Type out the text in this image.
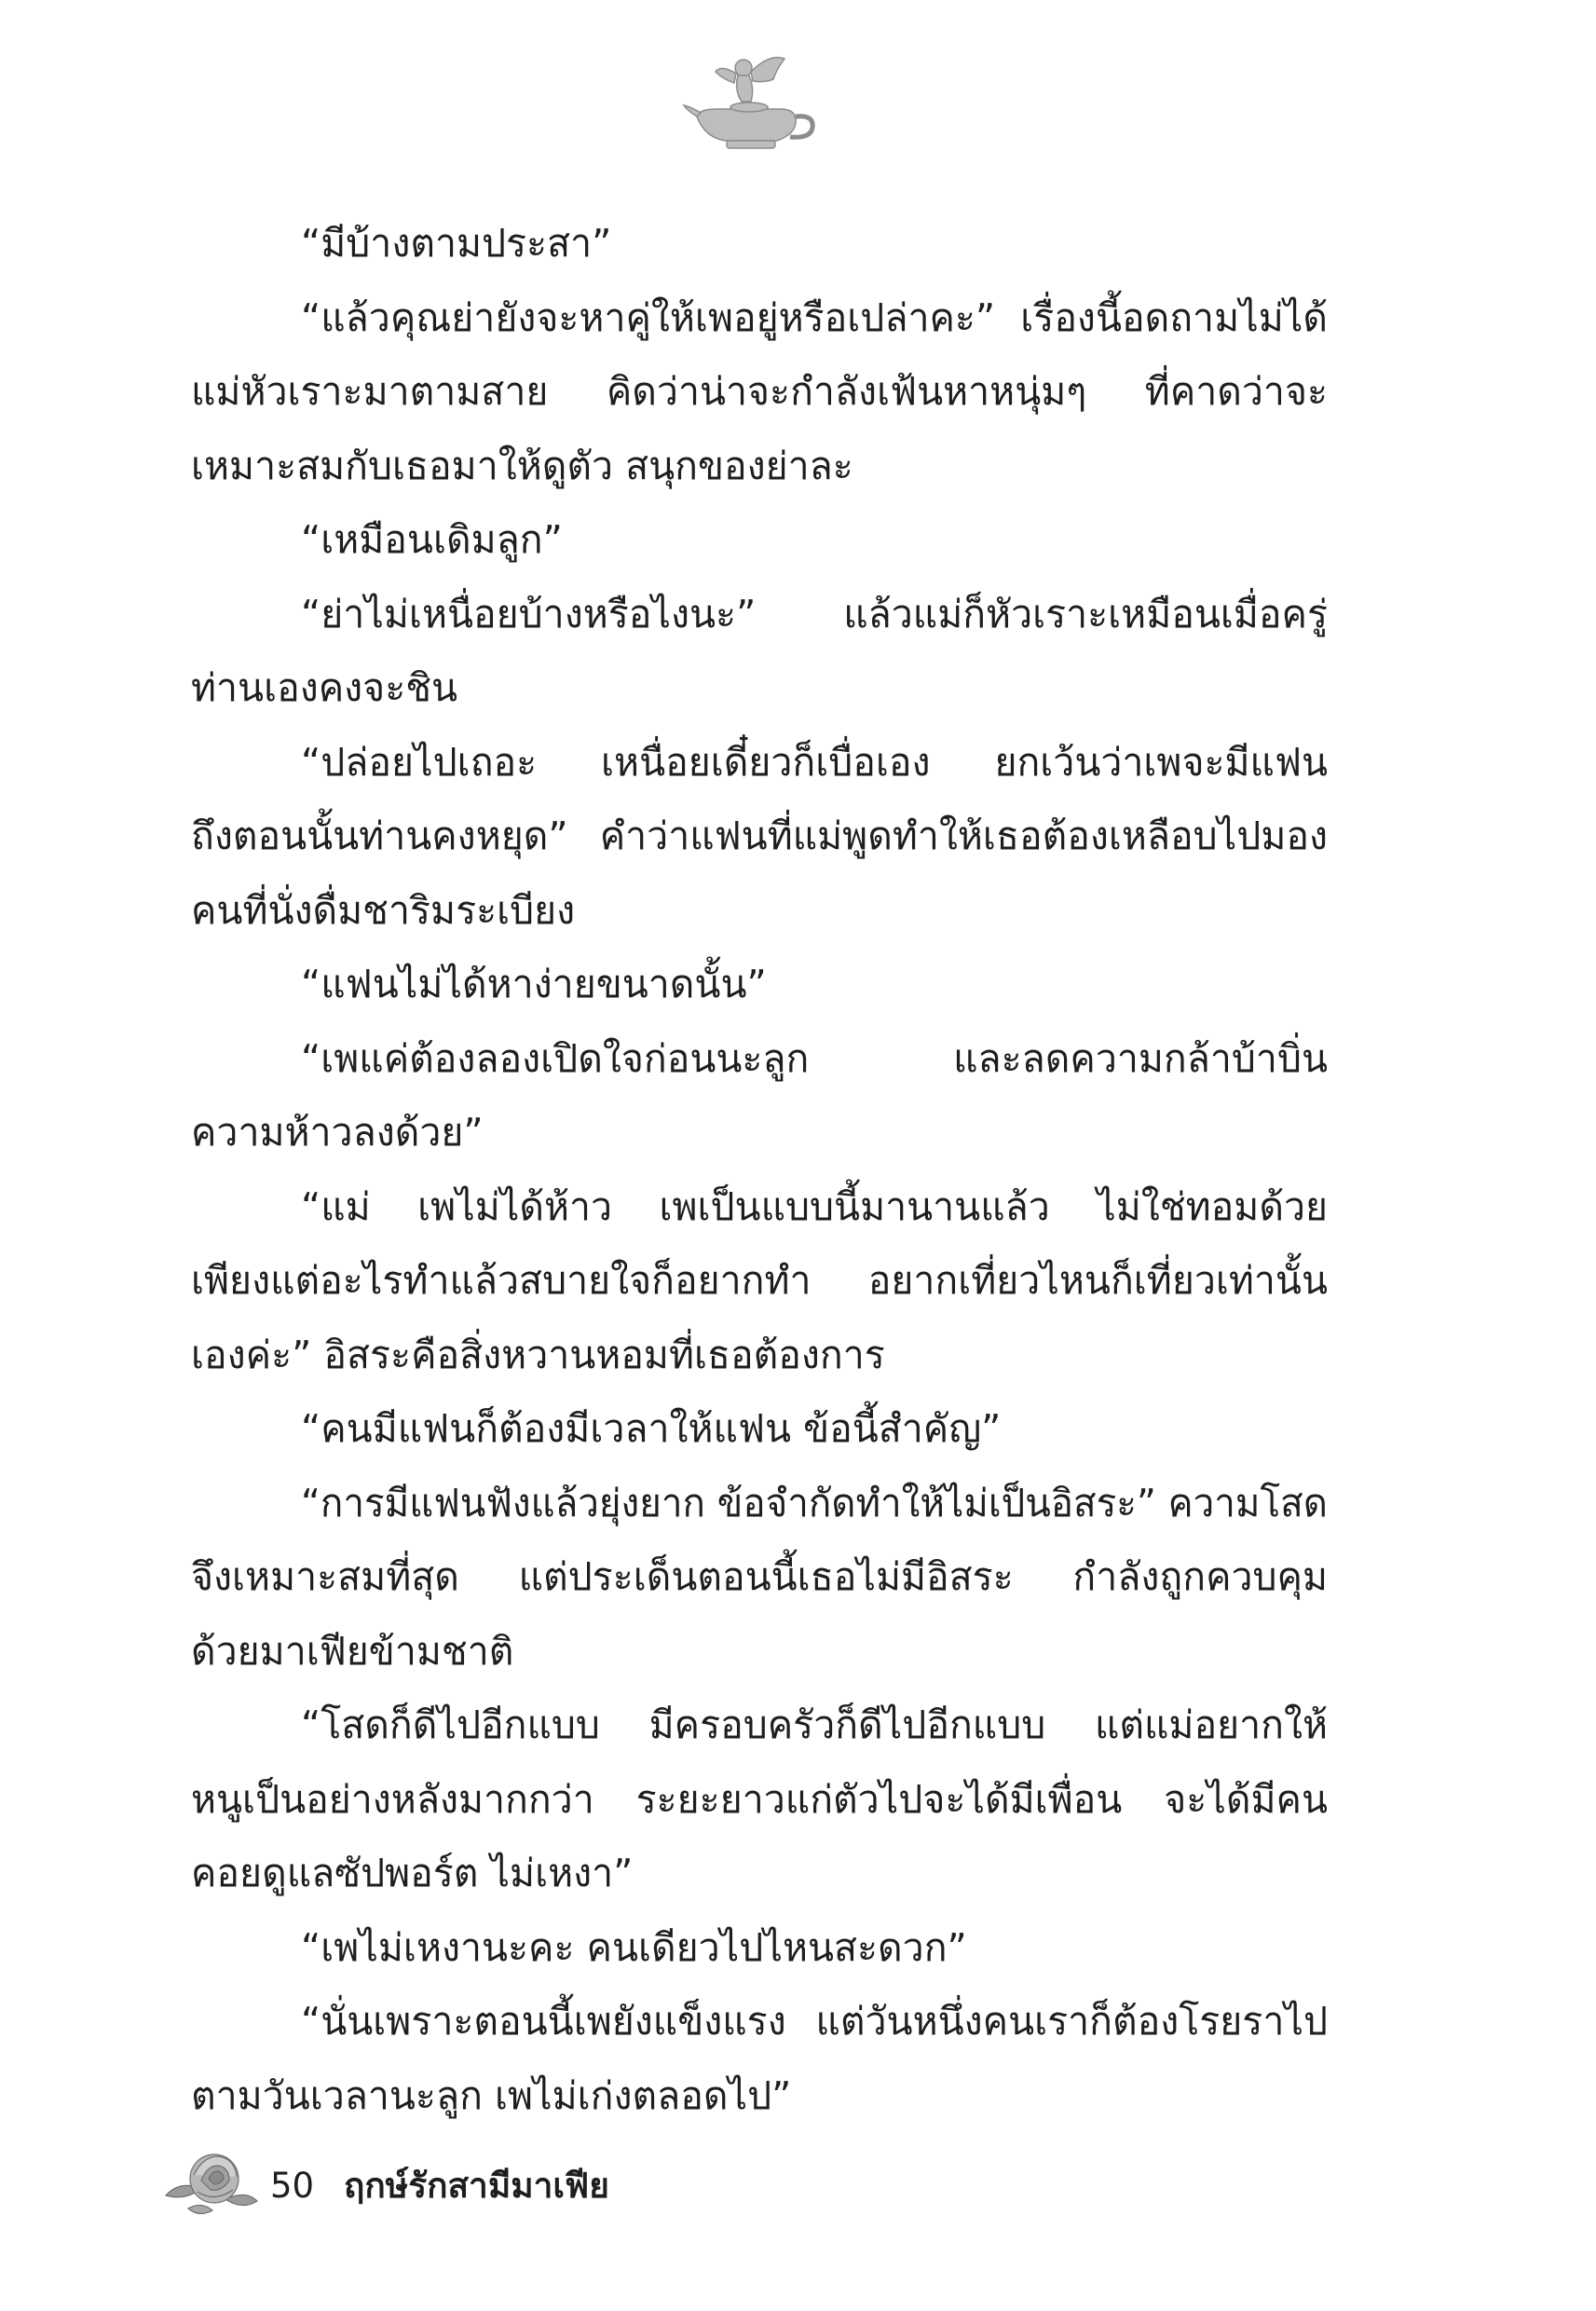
“มีบ้างตามประสา”
“แล้วคุณย่ายังจะหาคู่ให้เพอยู่หรือเปล่าคะ” เรื่องนี้อดถามไม่ได้
แม่หัวเราะมาตามสาย คิดว่าน่าจะกำลังเฟ้นหาหนุ่มๆ ที่คาดว่าจะ
เหมาะสมกับเธอมาให้ดูตัว สนุกของย่าละ
“เหมือนเดิมลูก”
“ย่าไม่เหนื่อยบ้างหรือไงนะ” แล้วแม่ก็หัวเราะเหมือนเมื่อครู่
ท่านเองคงจะชิน
“ปล่อยไปเถอะ เหนื่อยเดี๋ยวก็เบื่อเอง ยกเว้นว่าเพจะมีแฟน
ถึงตอนนั้นท่านคงหยุด” คำว่าแฟนที่แม่พูดทำให้เธอต้องเหลือบไปมอง
คนที่นั่งดื่มชาริมระเบียง
“แฟนไม่ได้หาง่ายขนาดนั้น”
“เพแค่ต้องลองเปิดใจก่อนนะลูก และลดความกล้าบ้าบิ่น
ความห้าวลงด้วย”
“แม่ เพไม่ได้ห้าว เพเป็นแบบนี้มานานแล้ว ไม่ใช่ทอมด้วย
เพียงแต่อะไรทำแล้วสบายใจก็อยากทำ อยากเที่ยวไหนก็เที่ยวเท่านั้น
เองค่ะ” อิสระคือสิ่งหวานหอมที่เธอต้องการ
“คนมีแฟนก็ต้องมีเวลาให้แฟน ข้อนี้สำคัญ”
“การมีแฟนฟังแล้วยุ่งยาก ข้อจำกัดทำให้ไม่เป็นอิสระ” ความโสด
จึงเหมาะสมที่สุด แต่ประเด็นตอนนี้เธอไม่มีอิสระ กำลังถูกควบคุม
ด้วยมาเฟียข้ามชาติ
“โสดก็ดีไปอีกแบบ มีครอบครัวก็ดีไปอีกแบบ แต่แม่อยากให้
หนูเป็นอย่างหลังมากกว่า ระยะยาวแก่ตัวไปจะได้มีเพื่อน จะได้มีคน
คอยดูแลซัปพอร์ต ไม่เหงา”
“เพไม่เหงานะคะ คนเดียวไปไหนสะดวก”
“นั่นเพราะตอนนี้เพยังแข็งแรง แต่วันหนึ่งคนเราก็ต้องโรยราไป
ตามวันเวลานะลูก เพไม่เก่งตลอดไป”
50 ฤกษ์รักสามีมาเฟีย
